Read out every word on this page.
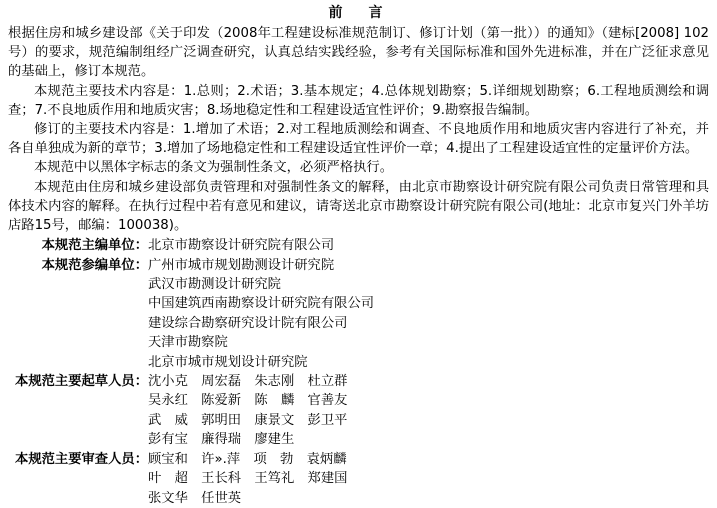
前　言

根据住房和城乡建设部《关于印发（2008年工程建设标准规范制订、修订计划（第一批））的通知》（建标[2008] 102号）的要求，规范编制组经广泛调查研究，认真总结实践经验，参考有关国际标准和国外先进标准，并在广泛征求意见的基础上，修订本规范。

本规范主要技术内容是：1.总则；2.术语；3.基本规定；4.总体规划勘察；5.详细规划勘察；6.工程地质测绘和调查；7.不良地质作用和地质灾害；8.场地稳定性和工程建设适宜性评价；9.勘察报告编制。

修订的主要技术内容是：1.增加了术语；2.对工程地质测绘和调查、不良地质作用和地质灾害内容进行了补充，并各自单独成为新的章节；3.增加了场地稳定性和工程建设适宜性评价一章；4.提出了工程建设适宜性的定量评价方法。

本规范中以黑体字标志的条文为强制性条文，必须严格执行。

本规范由住房和城乡建设部负责管理和对强制性条文的解释，由北京市勘察设计研究院有限公司负责日常管理和具体技术内容的解释。在执行过程中若有意见和建议，请寄送北京市勘察设计研究院有限公司(地址：北京市复兴门外羊坊店路15号，邮编：100038)。

本规范主编单位： 北京市勘察设计研究院有限公司
本规范参编单位： 广州市城市规划勘测设计研究院
武汉市勘测设计研究院
中国建筑西南勘察设计研究院有限公司
建设综合勘察研究设计院有限公司
天津市勘察院
北京市城市规划设计研究院
本规范主要起草人员： 沈小克　周宏磊　朱志刚　杜立群
吴永红　陈爱新　陈　麟　官善友
武　威　郭明田　康景文　彭卫平
彭有宝　廉得瑞　廖建生
本规范主要审查人员： 顾宝和　许».萍　项　勃　袁炳麟
叶　超　王长科　王笃礼　郑建国
张文华　任世英
